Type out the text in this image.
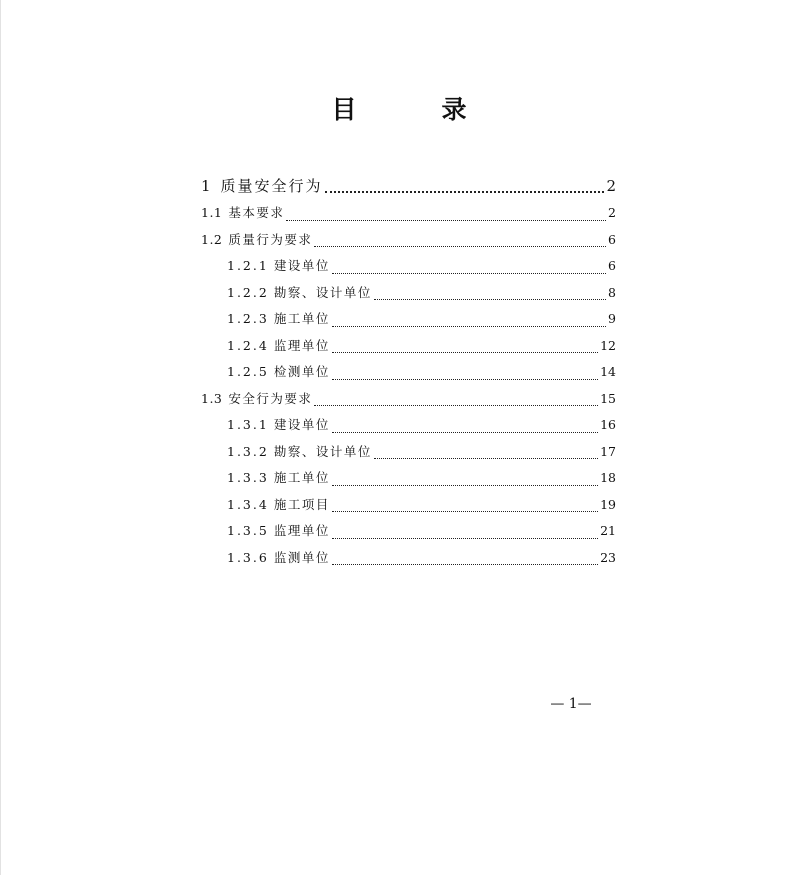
目　录
1 质量安全行为	2
1.1 基本要求	2
1.2 质量行为要求	6
1.2.1 建设单位	6
1.2.2 勘察、设计单位	8
1.2.3 施工单位	9
1.2.4 监理单位	12
1.2.5 检测单位	14
1.3 安全行为要求	15
1.3.1 建设单位	16
1.3.2 勘察、设计单位	17
1.3.3 施工单位	18
1.3.4 施工项目	19
1.3.5 监理单位	21
1.3.6 监测单位	23
— 1—
